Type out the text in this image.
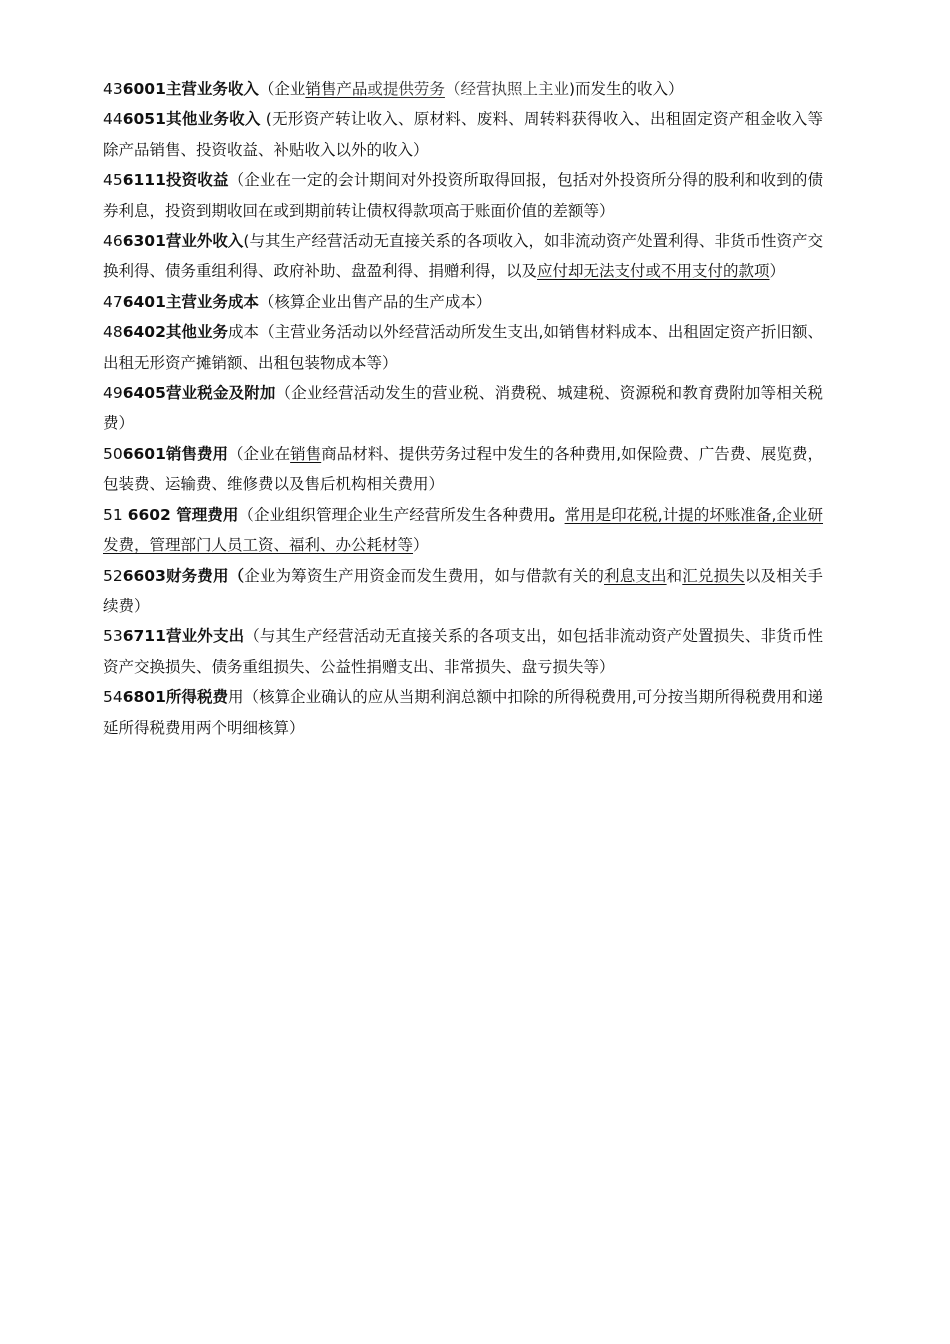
436001主营业务收入（企业销售产品或提供劳务（经营执照上主业)而发生的收入）

446051其他业务收入 (无形资产转让收入、原材料、废料、周转料获得收入、出租固定资产租金收入等除产品销售、投资收益、补贴收入以外的收入）

456111投资收益（企业在一定的会计期间对外投资所取得回报，包括对外投资所分得的股利和收到的债券利息，投资到期收回在或到期前转让债权得款项高于账面价值的差额等）

466301营业外收入(与其生产经营活动无直接关系的各项收入，如非流动资产处置利得、非货币性资产交换利得、债务重组利得、政府补助、盘盈利得、捐赠利得，以及应付却无法支付或不用支付的款项）

476401主营业务成本（核算企业出售产品的生产成本）

486402其他业务成本（主营业务活动以外经营活动所发生支出,如销售材料成本、出租固定资产折旧额、出租无形资产摊销额、出租包装物成本等）

496405营业税金及附加（企业经营活动发生的营业税、消费税、城建税、资源税和教育费附加等相关税费）

506601销售费用（企业在销售商品材料、提供劳务过程中发生的各种费用,如保险费、广告费、展览费，包装费、运输费、维修费以及售后机构相关费用）

51 6602 管理费用（企业组织管理企业生产经营所发生各种费用。常用是印花税,计提的坏账准备,企业研发费，管理部门人员工资、福利、办公耗材等）

526603财务费用（企业为筹资生产用资金而发生费用，如与借款有关的利息支出和汇兑损失以及相关手续费）

536711营业外支出（与其生产经营活动无直接关系的各项支出，如包括非流动资产处置损失、非货币性资产交换损失、债务重组损失、公益性捐赠支出、非常损失、盘亏损失等）

546801所得税费用（核算企业确认的应从当期利润总额中扣除的所得税费用,可分按当期所得税费用和递延所得税费用两个明细核算）
